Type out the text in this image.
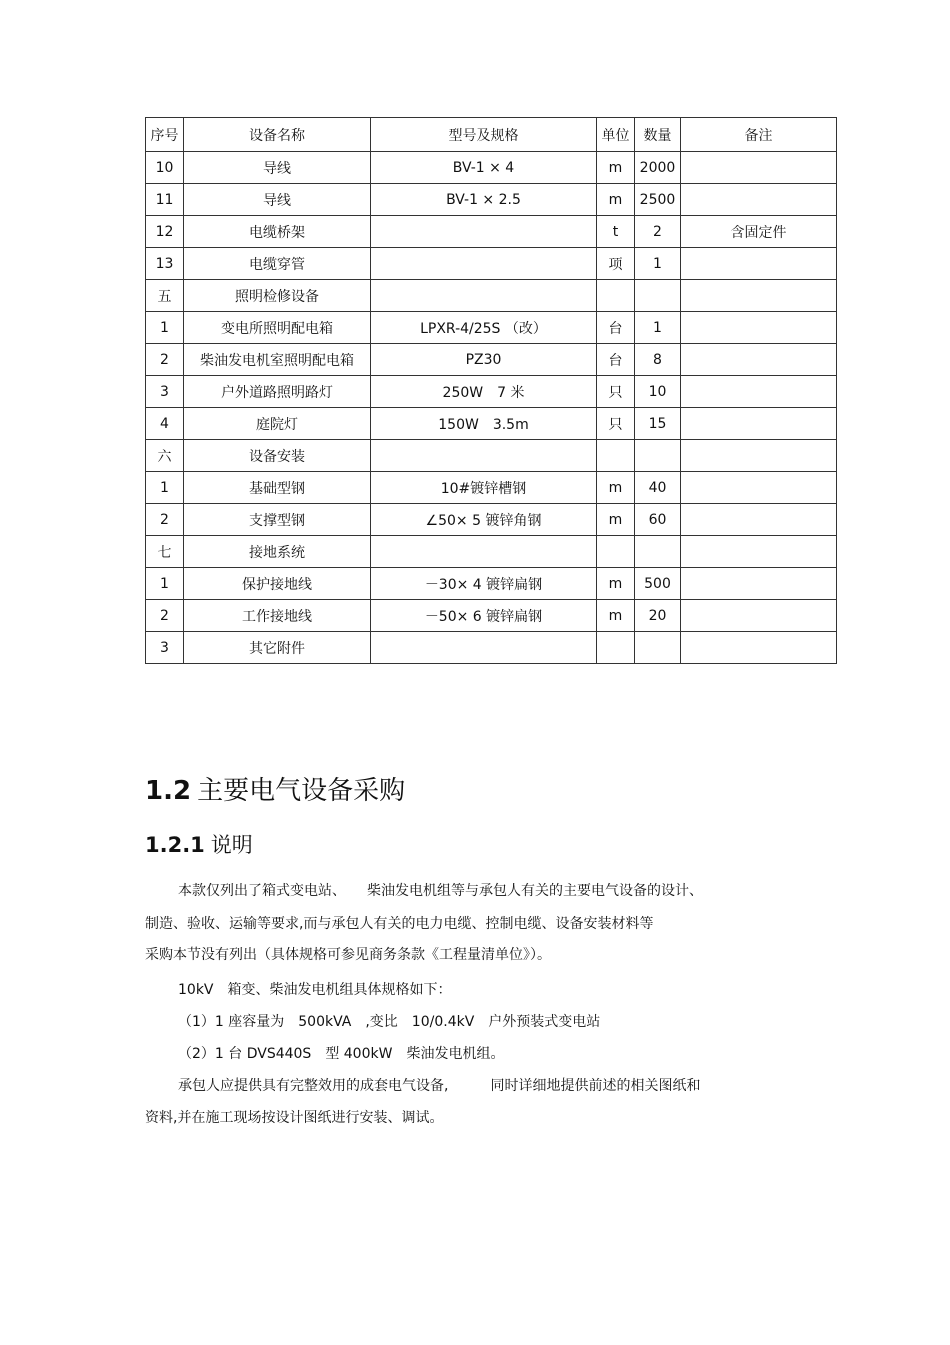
序号	设备名称	型号及规格	单位	数量	备注
10	导线	BV-1 × 4	m	2000	
11	导线	BV-1 × 2.5	m	2500	
12	电缆桥架		t	2	含固定件
13	电缆穿管		项	1	
五	照明检修设备				
1	变电所照明配电箱	LPXR-4/25S （改）	台	1	
2	柴油发电机室照明配电箱	PZ30	台	8	
3	户外道路照明路灯	250W　7 米	只	10	
4	庭院灯	150W　3.5m	只	15	
六	设备安装				
1	基础型钢	10#镀锌槽钢	m	40	
2	支撑型钢	∠50× 5 镀锌角钢	m	60	
七	接地系统				
1	保护接地线	－30× 4 镀锌扁钢	m	500	
2	工作接地线	－50× 6 镀锌扁钢	m	20	
3	其它附件				
1.2 主要电气设备采购
1.2.1 说明

本款仅列出了箱式变电站、　　柴油发电机组等与承包人有关的主要电气设备的设计、

制造、验收、运输等要求,而与承包人有关的电力电缆、控制电缆、设备安装材料等

采购本节没有列出（具体规格可参见商务条款《工程量清单位》）。

10kV　箱变、柴油发电机组具体规格如下：

（1）1 座容量为　500kVA　,变比　10/0.4kV　户外预装式变电站

（2）1 台 DVS440S　型 400kW　柴油发电机组。

承包人应提供具有完整效用的成套电气设备,　　　同时详细地提供前述的相关图纸和

资料,并在施工现场按设计图纸进行安装、调试。
